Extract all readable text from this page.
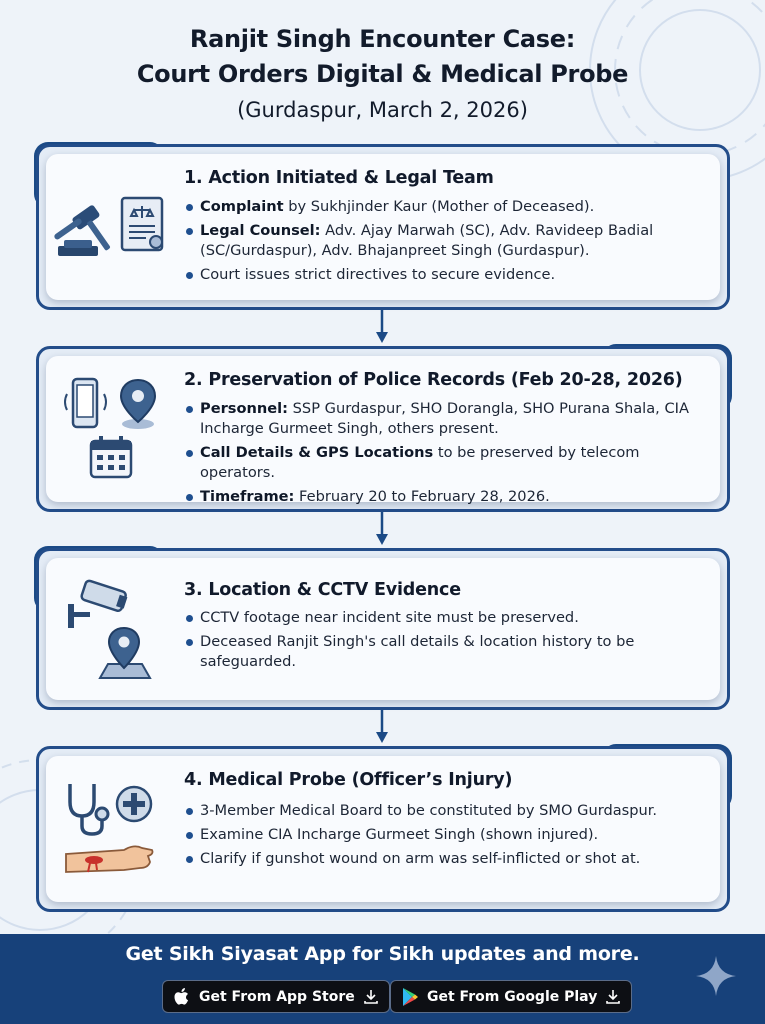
Ranjit Singh Encounter Case:
Court Orders Digital & Medical Probe
(Gurdaspur, March 2, 2026)
1. Action Initiated & Legal Team
Complaint by Sukhjinder Kaur (Mother of Deceased).
Legal Counsel: Adv. Ajay Marwah (SC), Adv. Ravideep Badial (SC/Gurdaspur), Adv. Bhajanpreet Singh (Gurdaspur).
Court issues strict directives to secure evidence.
2. Preservation of Police Records (Feb 20-28, 2026)
Personnel: SSP Gurdaspur, SHO Dorangla, SHO Purana Shala, CIA Incharge Gurmeet Singh, others present.
Call Details & GPS Locations to be preserved by telecom operators.
Timeframe: February 20 to February 28, 2026.
3. Location & CCTV Evidence
CCTV footage near incident site must be preserved.
Deceased Ranjit Singh's call details & location history to be safeguarded.
4. Medical Probe (Officer’s Injury)
3-Member Medical Board to be constituted by SMO Gurdaspur.
Examine CIA Incharge Gurmeet Singh (shown injured).
Clarify if gunshot wound on arm was self-inflicted or shot at.
Get Sikh Siyasat App for Sikh updates and more.
Get From App Store	Get From Google Play
